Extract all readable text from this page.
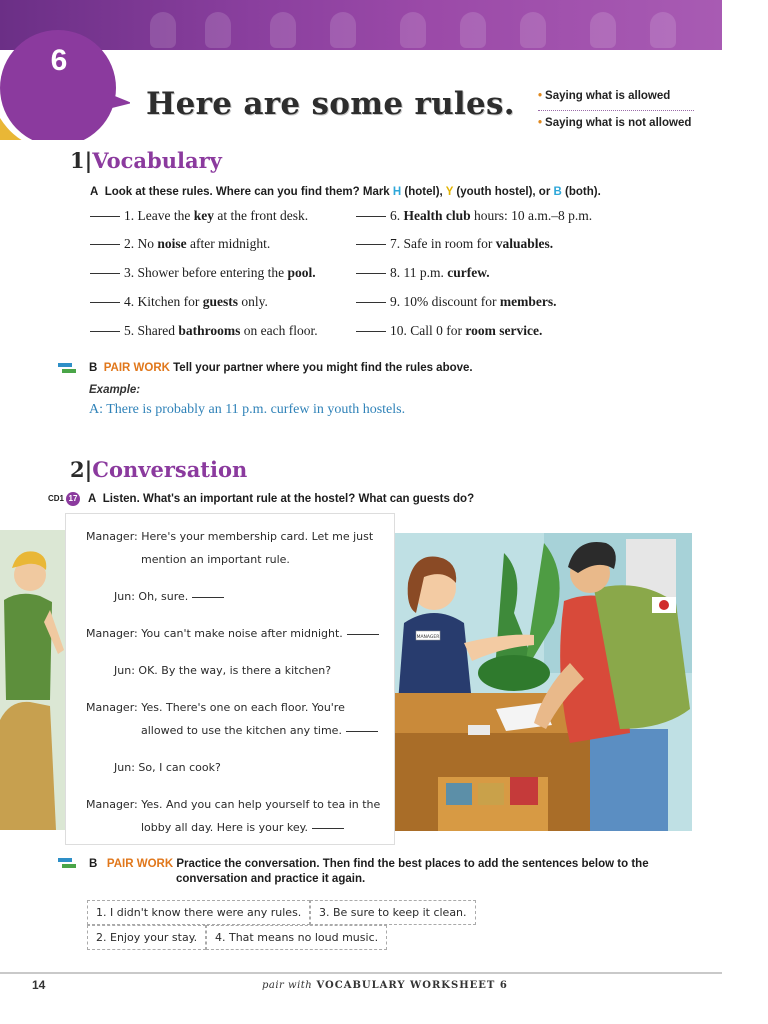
6
Here are some rules. • Saying what is allowed
• Saying what is not allowed
1|Vocabulary
A Look at these rules. Where can you find them? Mark H (hotel), Y (youth hostel), or B (both).
1. Leave the key at the front desk.
2. No noise after midnight.
3. Shower before entering the pool.
4. Kitchen for guests only.
5. Shared bathrooms on each floor.
6. Health club hours: 10 a.m.–8 p.m.
7. Safe in room for valuables.
8. 11 p.m. curfew.
9. 10% discount for members.
10. Call 0 for room service.
B PAIR WORK Tell your partner where you might find the rules above.
Example:
A: There is probably an 11 p.m. curfew in youth hostels.
2|Conversation
CD1 17 A Listen. What's an important rule at the hostel? What can guests do?
MANAGER
Manager: Here's your membership card. Let me just
mention an important rule.
Jun: Oh, sure.
Manager: You can't make noise after midnight.
Jun: OK. By the way, is there a kitchen?
Manager: Yes. There's one on each floor. You're
allowed to use the kitchen any time.
Jun: So, I can cook?
Manager: Yes. And you can help yourself to tea in the
lobby all day. Here is your key.
B PAIR WORK Practice the conversation. Then find the best places to add the sentences below to the
conversation and practice it again.
1. I didn't know there were any rules.	3. Be sure to keep it clean.
2. Enjoy your stay.	4. That means no loud music.
14	pair with VOCABULARY WORKSHEET 6
